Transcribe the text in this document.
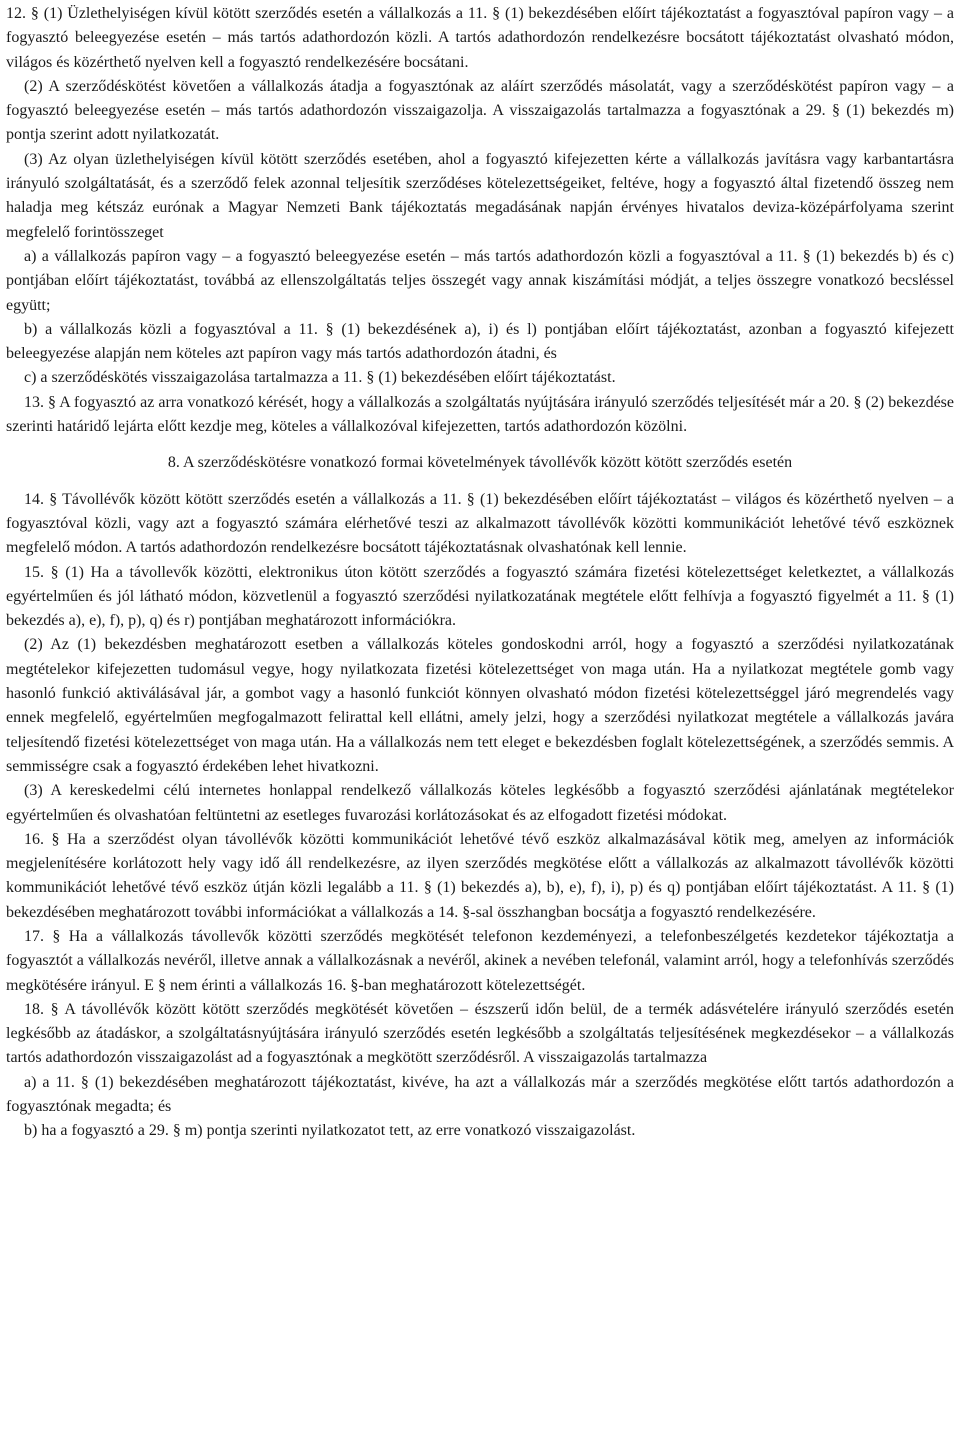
12. § (1) Üzlethelyiségen kívül kötött szerződés esetén a vállalkozás a 11. § (1) bekezdésében előírt tájékoztatást a fogyasztóval papíron vagy – a fogyasztó beleegyezése esetén – más tartós adathordozón közli. A tartós adathordozón rendelkezésre bocsátott tájékoztatást olvasható módon, világos és közérthető nyelven kell a fogyasztó rendelkezésére bocsátani.

(2) A szerződéskötést követően a vállalkozás átadja a fogyasztónak az aláírt szerződés másolatát, vagy a szerződéskötést papíron vagy – a fogyasztó beleegyezése esetén – más tartós adathordozón visszaigazolja. A visszaigazolás tartalmazza a fogyasztónak a 29. § (1) bekezdés m) pontja szerint adott nyilatkozatát.

(3) Az olyan üzlethelyiségen kívül kötött szerződés esetében, ahol a fogyasztó kifejezetten kérte a vállalkozás javításra vagy karbantartásra irányuló szolgáltatását, és a szerződő felek azonnal teljesítik szerződéses kötelezettségeiket, feltéve, hogy a fogyasztó által fizetendő összeg nem haladja meg kétszáz eurónak a Magyar Nemzeti Bank tájékoztatás megadásának napján érvényes hivatalos deviza-középárfolyama szerint megfelelő forintösszeget

a) a vállalkozás papíron vagy – a fogyasztó beleegyezése esetén – más tartós adathordozón közli a fogyasztóval a 11. § (1) bekezdés b) és c) pontjában előírt tájékoztatást, továbbá az ellenszolgáltatás teljes összegét vagy annak kiszámítási módját, a teljes összegre vonatkozó becsléssel együtt;

b) a vállalkozás közli a fogyasztóval a 11. § (1) bekezdésének a), i) és l) pontjában előírt tájékoztatást, azonban a fogyasztó kifejezett beleegyezése alapján nem köteles azt papíron vagy más tartós adathordozón átadni, és

c) a szerződéskötés visszaigazolása tartalmazza a 11. § (1) bekezdésében előírt tájékoztatást.

13. § A fogyasztó az arra vonatkozó kérését, hogy a vállalkozás a szolgáltatás nyújtására irányuló szerződés teljesítését már a 20. § (2) bekezdése szerinti határidő lejárta előtt kezdje meg, köteles a vállalkozóval kifejezetten, tartós adathordozón közölni.

8. A szerződéskötésre vonatkozó formai követelmények távollévők között kötött szerződés esetén

14. § Távollévők között kötött szerződés esetén a vállalkozás a 11. § (1) bekezdésében előírt tájékoztatást – világos és közérthető nyelven – a fogyasztóval közli, vagy azt a fogyasztó számára elérhetővé teszi az alkalmazott távollévők közötti kommunikációt lehetővé tévő eszköznek megfelelő módon. A tartós adathordozón rendelkezésre bocsátott tájékoztatásnak olvashatónak kell lennie.

15. § (1) Ha a távollevők közötti, elektronikus úton kötött szerződés a fogyasztó számára fizetési kötelezettséget keletkeztet, a vállalkozás egyértelműen és jól látható módon, közvetlenül a fogyasztó szerződési nyilatkozatának megtétele előtt felhívja a fogyasztó figyelmét a 11. § (1) bekezdés a), e), f), p), q) és r) pontjában meghatározott információkra.

(2) Az (1) bekezdésben meghatározott esetben a vállalkozás köteles gondoskodni arról, hogy a fogyasztó a szerződési nyilatkozatának megtételekor kifejezetten tudomásul vegye, hogy nyilatkozata fizetési kötelezettséget von maga után. Ha a nyilatkozat megtétele gomb vagy hasonló funkció aktiválásával jár, a gombot vagy a hasonló funkciót könnyen olvasható módon fizetési kötelezettséggel járó megrendelés vagy ennek megfelelő, egyértelműen megfogalmazott felirattal kell ellátni, amely jelzi, hogy a szerződési nyilatkozat megtétele a vállalkozás javára teljesítendő fizetési kötelezettséget von maga után. Ha a vállalkozás nem tett eleget e bekezdésben foglalt kötelezettségének, a szerződés semmis. A semmisségre csak a fogyasztó érdekében lehet hivatkozni.

(3) A kereskedelmi célú internetes honlappal rendelkező vállalkozás köteles legkésőbb a fogyasztó szerződési ajánlatának megtételekor egyértelműen és olvashatóan feltüntetni az esetleges fuvarozási korlátozásokat és az elfogadott fizetési módokat.

16. § Ha a szerződést olyan távollévők közötti kommunikációt lehetővé tévő eszköz alkalmazásával kötik meg, amelyen az információk megjelenítésére korlátozott hely vagy idő áll rendelkezésre, az ilyen szerződés megkötése előtt a vállalkozás az alkalmazott távollévők közötti kommunikációt lehetővé tévő eszköz útján közli legalább a 11. § (1) bekezdés a), b), e), f), i), p) és q) pontjában előírt tájékoztatást. A 11. § (1) bekezdésében meghatározott további információkat a vállalkozás a 14. §-sal összhangban bocsátja a fogyasztó rendelkezésére.

17. § Ha a vállalkozás távollevők közötti szerződés megkötését telefonon kezdeményezi, a telefonbeszélgetés kezdetekor tájékoztatja a fogyasztót a vállalkozás nevéről, illetve annak a vállalkozásnak a nevéről, akinek a nevében telefonál, valamint arról, hogy a telefonhívás szerződés megkötésére irányul. E § nem érinti a vállalkozás 16. §-ban meghatározott kötelezettségét.

18. § A távollévők között kötött szerződés megkötését követően – észszerű időn belül, de a termék adásvételére irányuló szerződés esetén legkésőbb az átadáskor, a szolgáltatásnyújtására irányuló szerződés esetén legkésőbb a szolgáltatás teljesítésének megkezdésekor – a vállalkozás tartós adathordozón visszaigazolást ad a fogyasztónak a megkötött szerződésről. A visszaigazolás tartalmazza

a) a 11. § (1) bekezdésében meghatározott tájékoztatást, kivéve, ha azt a vállalkozás már a szerződés megkötése előtt tartós adathordozón a fogyasztónak megadta; és

b) ha a fogyasztó a 29. § m) pontja szerinti nyilatkozatot tett, az erre vonatkozó visszaigazolást.
